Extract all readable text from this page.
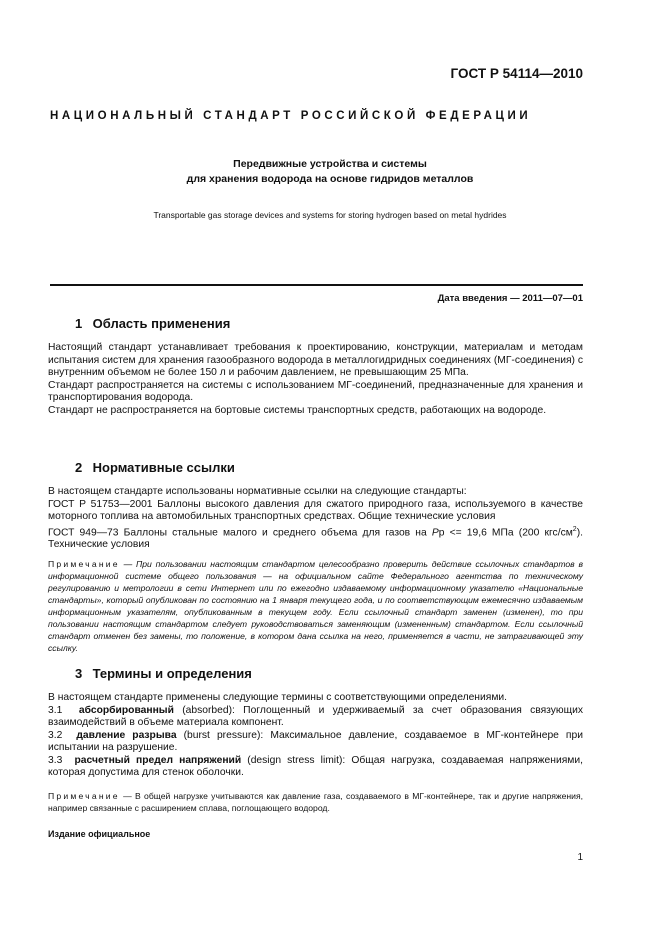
ГОСТ Р 54114—2010
НАЦИОНАЛЬНЫЙ СТАНДАРТ РОССИЙСКОЙ ФЕДЕРАЦИИ
Передвижные устройства и системы
для хранения водорода на основе гидридов металлов
Transportable gas storage devices and systems for storing hydrogen based on metal hydrides
Дата введения — 2011—07—01
1 Область применения

Настоящий стандарт устанавливает требования к проектированию, конструкции, материалам и методам испытания систем для хранения газообразного водорода в металлогидридных соединениях (МГ-соединения) с внутренним объемом не более 150 л и рабочим давлением, не превышающим 25 МПа.

Стандарт распространяется на системы с использованием МГ-соединений, предназначенные для хранения и транспортирования водорода.

Стандарт не распространяется на бортовые системы транспортных средств, работающих на водороде.

2 Нормативные ссылки

В настоящем стандарте использованы нормативные ссылки на следующие стандарты:

ГОСТ Р 51753—2001 Баллоны высокого давления для сжатого природного газа, используемого в качестве моторного топлива на автомобильных транспортных средствах. Общие технические условия

ГОСТ 949—73 Баллоны стальные малого и среднего объема для газов на Pр <= 19,6 МПа (200 кгс/$см^2$). Технические условия

Примечание — При пользовании настоящим стандартом целесообразно проверить действие ссылочных стандартов в информационной системе общего пользования — на официальном сайте Федерального агентства по техническому регулированию и метрологии в сети Интернет или по ежегодно издаваемому информационному указателю «Национальные стандарты», который опубликован по состоянию на 1 января текущего года, и по соответствующим ежемесячно издаваемым информационным указателям, опубликованным в текущем году. Если ссылочный стандарт заменен (изменен), то при пользовании настоящим стандартом следует руководствоваться заменяющим (измененным) стандартом. Если ссылочный стандарт отменен без замены, то положение, в котором дана ссылка на него, применяется в части, не затрагивающей эту ссылку.
3 Термины и определения

В настоящем стандарте применены следующие термины с соответствующими определениями.

3.1 абсорбированный (absorbed): Поглощенный и удерживаемый за счет образования связующих взаимодействий в объеме материала компонент.

3.2 давление разрыва (burst pressure): Максимальное давление, создаваемое в МГ-контейнере при испытании на разрушение.

3.3 расчетный предел напряжений (design stress limit): Общая нагрузка, создаваемая напряжениями, которая допустима для стенок оболочки.

Примечание — В общей нагрузке учитываются как давление газа, создаваемого в МГ-контейнере, так и другие напряжения, например связанные с расширением сплава, поглощающего водород.
Издание официальное
1
